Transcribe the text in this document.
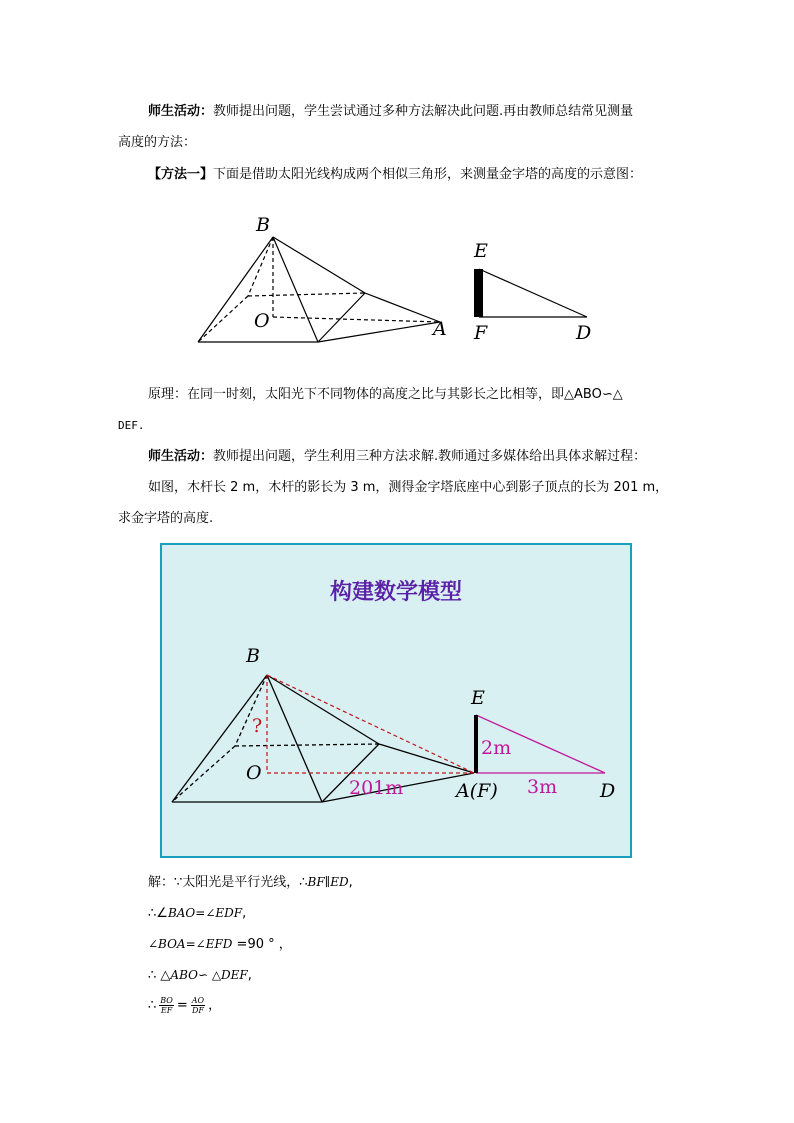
师生活动：教师提出问题，学生尝试通过多种方法解决此问题.再由教师总结常见测量
高度的方法：
【方法一】下面是借助太阳光线构成两个相似三角形，来测量金字塔的高度的示意图：
B
O	A
E
F	D
原理：在同一时刻，太阳光下不同物体的高度之比与其影长之比相等，即△ABO∽△
DEF.
师生活动：教师提出问题，学生利用三种方法求解.教师通过多媒体给出具体求解过程：
如图，木杆长 2 m，木杆的影长为 3 m，测得金字塔底座中心到影子顶点的长为 201 m，
求金字塔的高度.
B
O
?
E
D
A(F)
201m
2m
3m
构建数学模型
解：∵太阳光是平行光线，∴BF∥ED,
∴∠BAO=∠EDF,
∠BOA=∠EFD =90 ° ，
∴ △ABO∽ △DEF,
∴ $\frac{BO}{EF} = \frac{AO}{DF}$ ，
